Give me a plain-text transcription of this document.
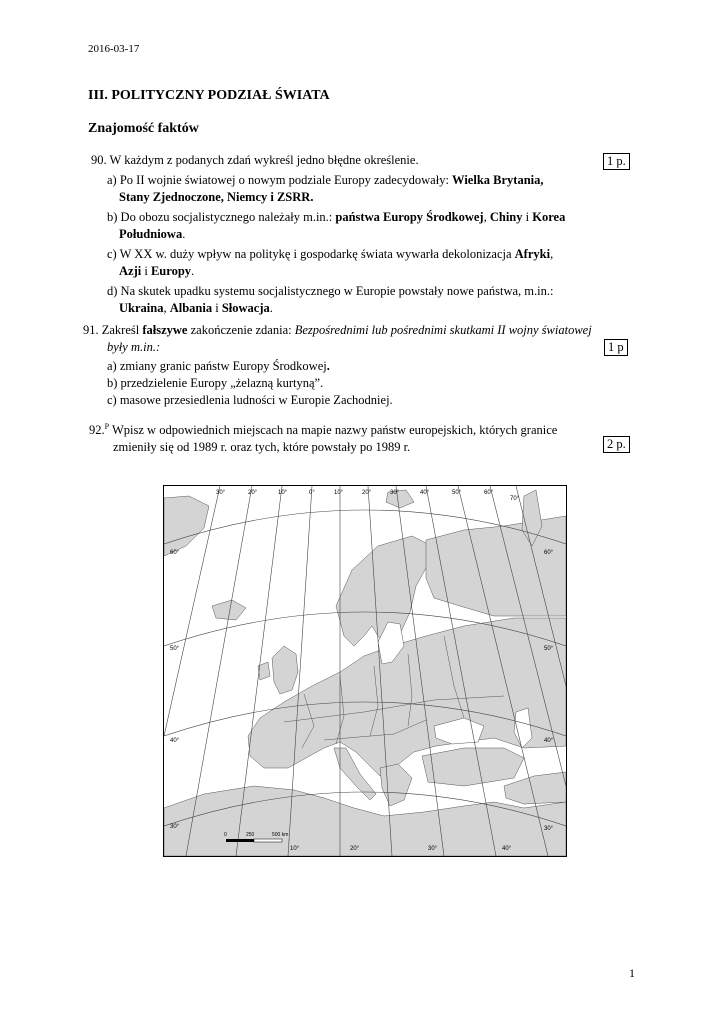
2016-03-17
III. POLITYCZNY PODZIAŁ ŚWIATA
Znajomość faktów
90. W każdym z podanych zdań wykreśl jedno błędne określenie.	1 p.
a) Po II wojnie światowej o nowym podziale Europy zadecydowały: Wielka Brytania,
Stany Zjednoczone, Niemcy i ZSRR.
b) Do obozu socjalistycznego należały m.in.: państwa Europy Środkowej, Chiny i Korea
Południowa.
c) W XX w. duży wpływ na politykę i gospodarkę świata wywarła dekolonizacja Afryki,
Azji i Europy.
d) Na skutek upadku systemu socjalistycznego w Europie powstały nowe państwa, m.in.:
Ukraina, Albania i Słowacja.
91. Zakreśl fałszywe zakończenie zdania: Bezpośrednimi lub pośrednimi skutkami II wojny światowej
były m.in.:	1 p
a) zmiany granic państw Europy Środkowej.
b) przedzielenie Europy „żelazną kurtyną”.
c) masowe przesiedlenia ludności w Europie Zachodniej.
92.$^P$ Wpisz w odpowiednich miejscach na mapie nazwy państw europejskich, których granice
zmieniły się od 1989 r. oraz tych, które powstały po 1989 r.	2 p.
30°	20°	10°	0°	10°	20°	30°	40°	50°	60°
70°
60°
50°
40°
30°
60°
50°
40°
30°
10°	20°	30°	40°
0	250	500 km
1
